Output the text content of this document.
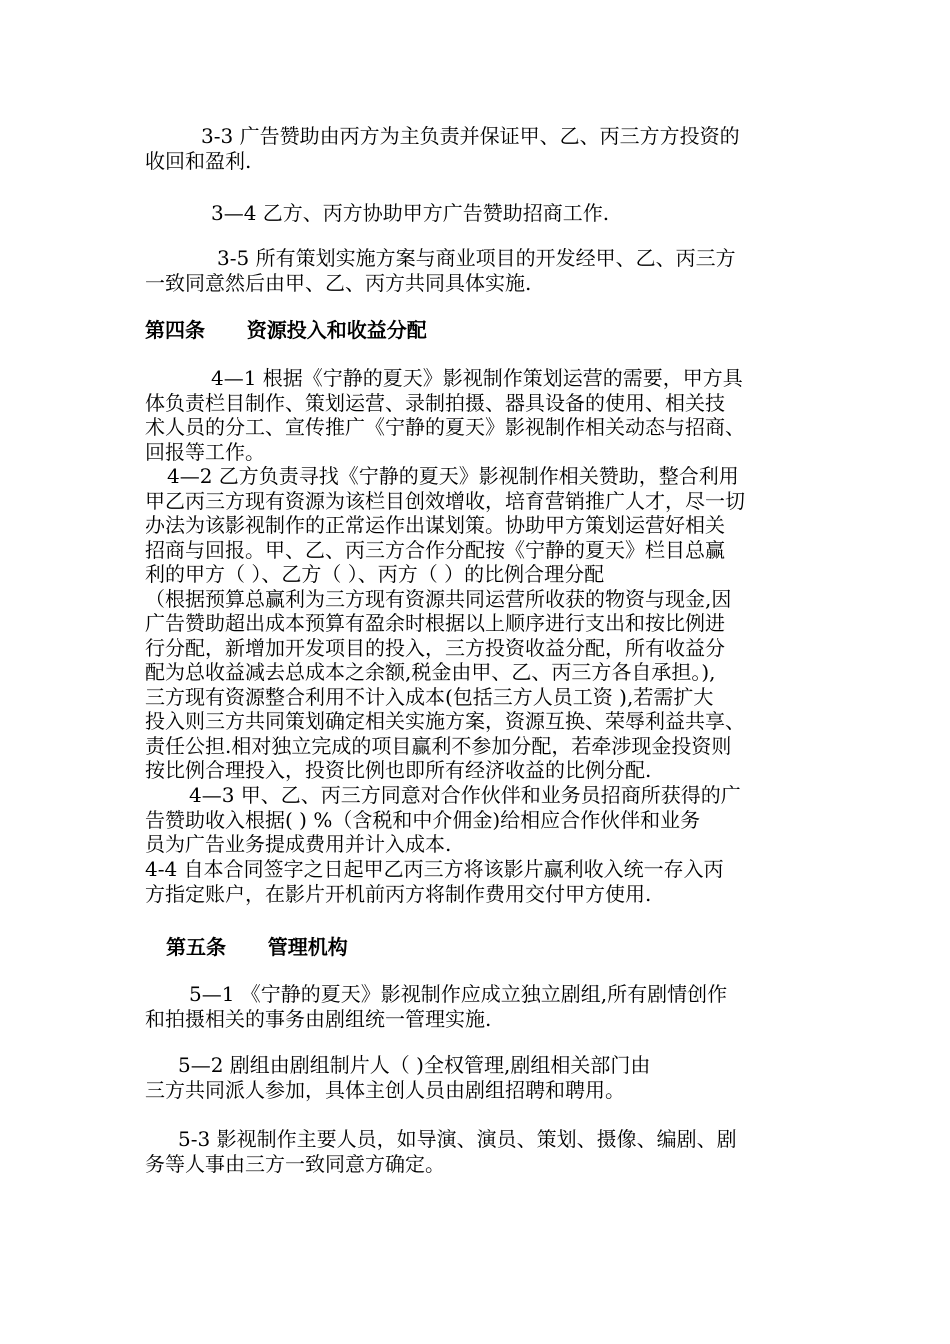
3-3 广告赞助由丙方为主负责并保证甲、乙、丙三方方投资的
收回和盈利.
3—4 乙方、丙方协助甲方广告赞助招商工作.
3-5 所有策划实施方案与商业项目的开发经甲、乙、丙三方
一致同意然后由甲、乙、丙方共同具体实施.
第四条      资源投入和收益分配
4—1 根据《宁静的夏天》影视制作策划运营的需要，甲方具
体负责栏目制作、策划运营、录制拍摄、器具设备的使用、相关技
术人员的分工、宣传推广《宁静的夏天》影视制作相关动态与招商、
回报等工作。
4—2 乙方负责寻找《宁静的夏天》影视制作相关赞助，整合利用
甲乙丙三方现有资源为该栏目创效增收，培育营销推广人才，尽一切
办法为该影视制作的正常运作出谋划策。协助甲方策划运营好相关
招商与回报。甲、乙、丙三方合作分配按《宁静的夏天》栏目总赢
利的甲方（ ）、乙方（ ）、丙方（ ）的比例合理分配
（根据预算总赢利为三方现有资源共同运营所收获的物资与现金,因
广告赞助超出成本预算有盈余时根据以上顺序进行支出和按比例进
行分配，新增加开发项目的投入，三方投资收益分配，所有收益分
配为总收益减去总成本之余额,税金由甲、乙、丙三方各自承担。),
三方现有资源整合利用不计入成本(包括三方人员工资 ),若需扩大
投入则三方共同策划确定相关实施方案，资源互换、荣辱利益共享、
责任公担.相对独立完成的项目赢利不参加分配，若牵涉现金投资则
按比例合理投入，投资比例也即所有经济收益的比例分配.
4—3 甲、乙、丙三方同意对合作伙伴和业务员招商所获得的广
告赞助收入根据( ) %（含税和中介佣金)给相应合作伙伴和业务
员为广告业务提成费用并计入成本.
4-4 自本合同签字之日起甲乙丙三方将该影片赢利收入统一存入丙
方指定账户，在影片开机前丙方将制作费用交付甲方使用.
第五条      管理机构
5—1 《宁静的夏天》影视制作应成立独立剧组,所有剧情创作
和拍摄相关的事务由剧组统一管理实施.
5—2 剧组由剧组制片人（ )全权管理,剧组相关部门由
三方共同派人参加，具体主创人员由剧组招聘和聘用。
5-3 影视制作主要人员，如导演、演员、策划、摄像、编剧、剧
务等人事由三方一致同意方确定。
